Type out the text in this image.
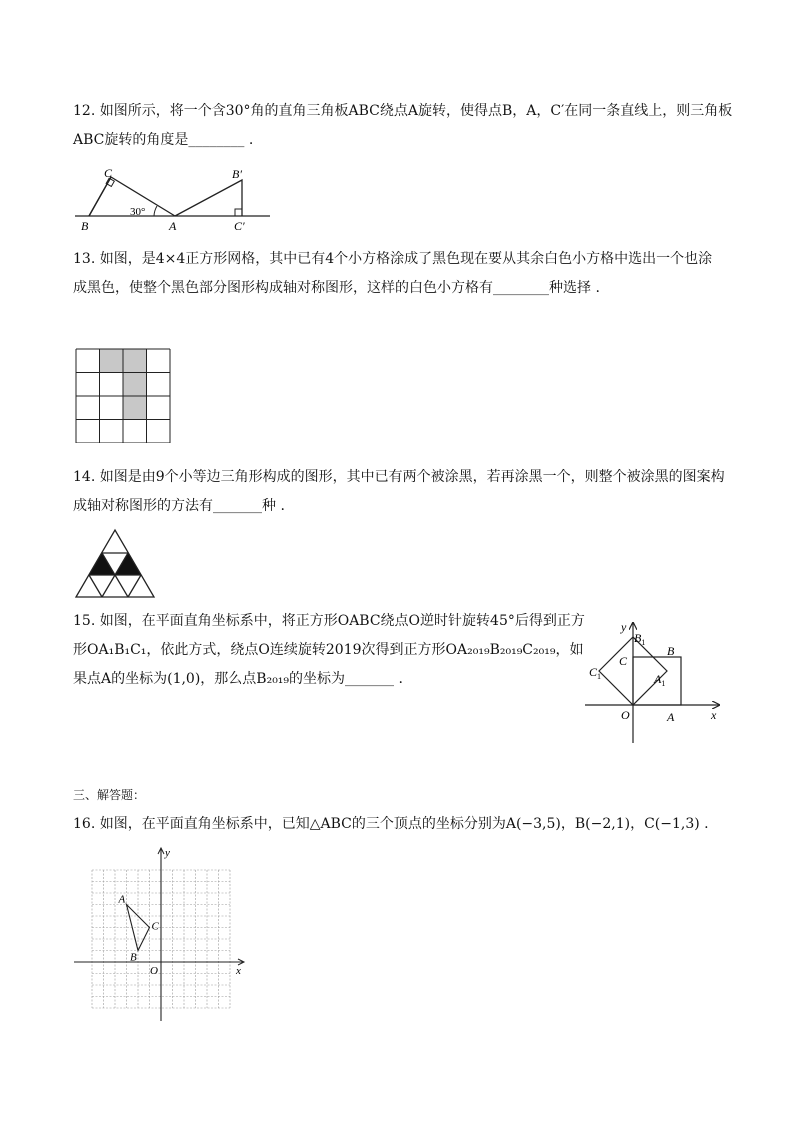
12. 如图所示，将一个含30°角的直角三角板ABC绕点A旋转，使得点B，A，C′在同一条直线上，则三角板
ABC旋转的角度是________ .
C
B
30°
A
B′
C′
13. 如图，是4×4正方形网格，其中已有4个小方格涂成了黑色现在要从其余白色小方格中选出一个也涂
成黑色，使整个黑色部分图形构成轴对称图形，这样的白色小方格有________种选择 .
14. 如图是由9个小等边三角形构成的图形，其中已有两个被涂黑，若再涂黑一个，则整个被涂黑的图案构
成轴对称图形的方法有_______种 .
15. 如图，在平面直角坐标系中，将正方形OABC绕点O逆时针旋转45°后得到正方
形OA₁B₁C₁，依此方式，绕点O连续旋转2019次得到正方形OA₂₀₁₉B₂₀₁₉C₂₀₁₉，如
果点A的坐标为(1,0)，那么点B₂₀₁₉的坐标为_______ .
y
x
O	A
B
C
$A_1$
$B_1$
$C_1$
三、解答题：
16. 如图，在平面直角坐标系中，已知△ABC的三个顶点的坐标分别为A(−3,5)，B(−2,1)，C(−1,3) .
A
B
C
O	x
y
